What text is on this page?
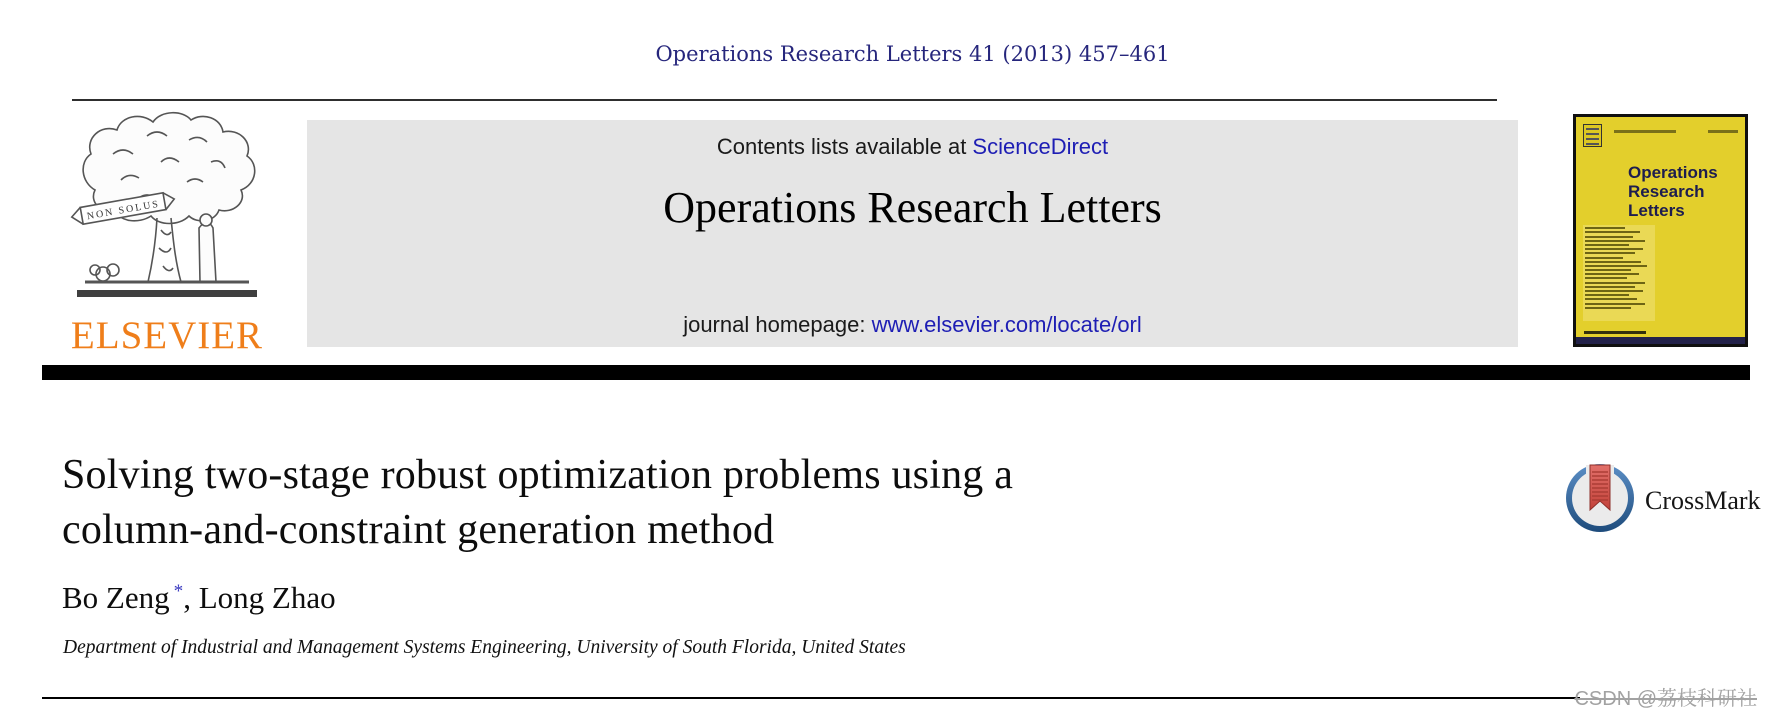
Operations Research Letters 41 (2013) 457–461
NON SOLUS
ELSEVIER
Contents lists available at ScienceDirect
Operations Research Letters
journal homepage: www.elsevier.com/locate/orl
Operations
Research
Letters
Solving two-stage robust optimization problems using a
column-and-constraint generation method
Bo Zeng *, Long Zhao
Department of Industrial and Management Systems Engineering, University of South Florida, United States
CrossMark
CSDN @荔枝科研社
